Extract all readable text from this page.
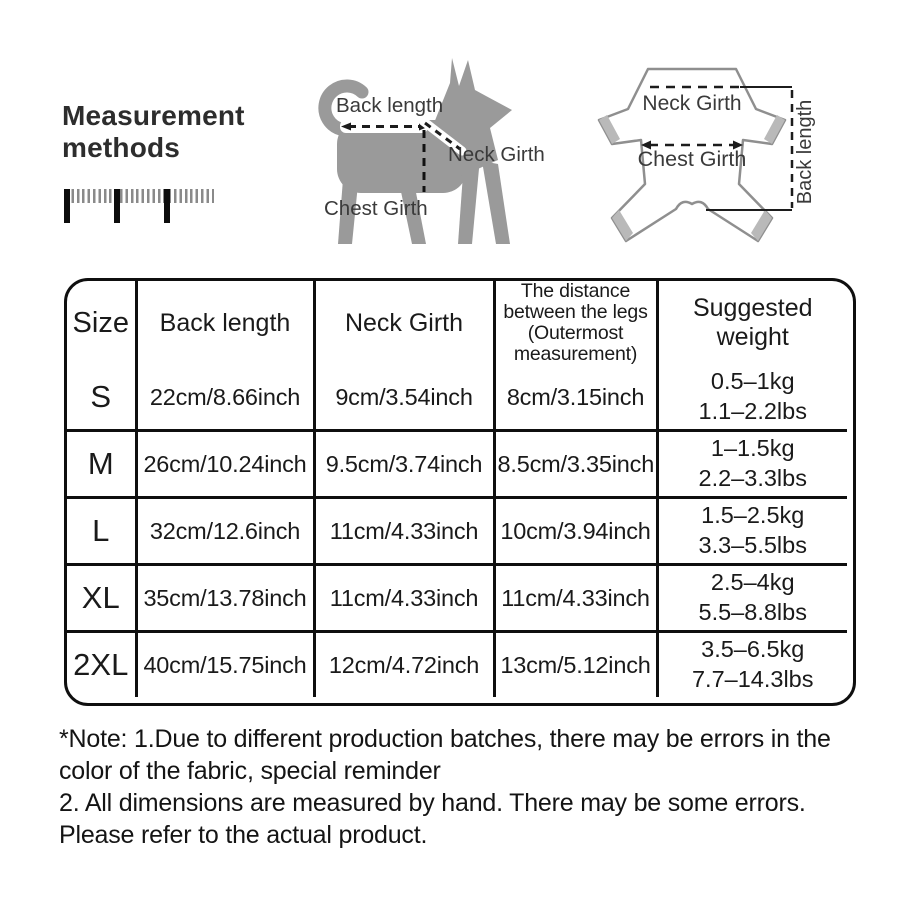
Measurement methods
Back length
Neck Girth
Chest Girth
Neck Girth
Chest Girth Back length
Size	Back length	Neck Girth	The distance between the legs (Outermost measurement)	Suggested weight
S	22cm/8.66inch	9cm/3.54inch	8cm/3.15inch	0.5–1kg
1.1–2.2lbs
M	26cm/10.24inch	9.5cm/3.74inch	8.5cm/3.35inch	1–1.5kg
2.2–3.3lbs
L	32cm/12.6inch	11cm/4.33inch	10cm/3.94inch	1.5–2.5kg
3.3–5.5lbs
XL	35cm/13.78inch	11cm/4.33inch	11cm/4.33inch	2.5–4kg
5.5–8.8lbs
2XL	40cm/15.75inch	12cm/4.72inch	13cm/5.12inch	3.5–6.5kg
7.7–14.3lbs
*Note: 1.Due to different production batches, there may be errors in the color of the fabric, special reminder
2. All dimensions are measured by hand. There may be some errors. Please refer to the actual product.
